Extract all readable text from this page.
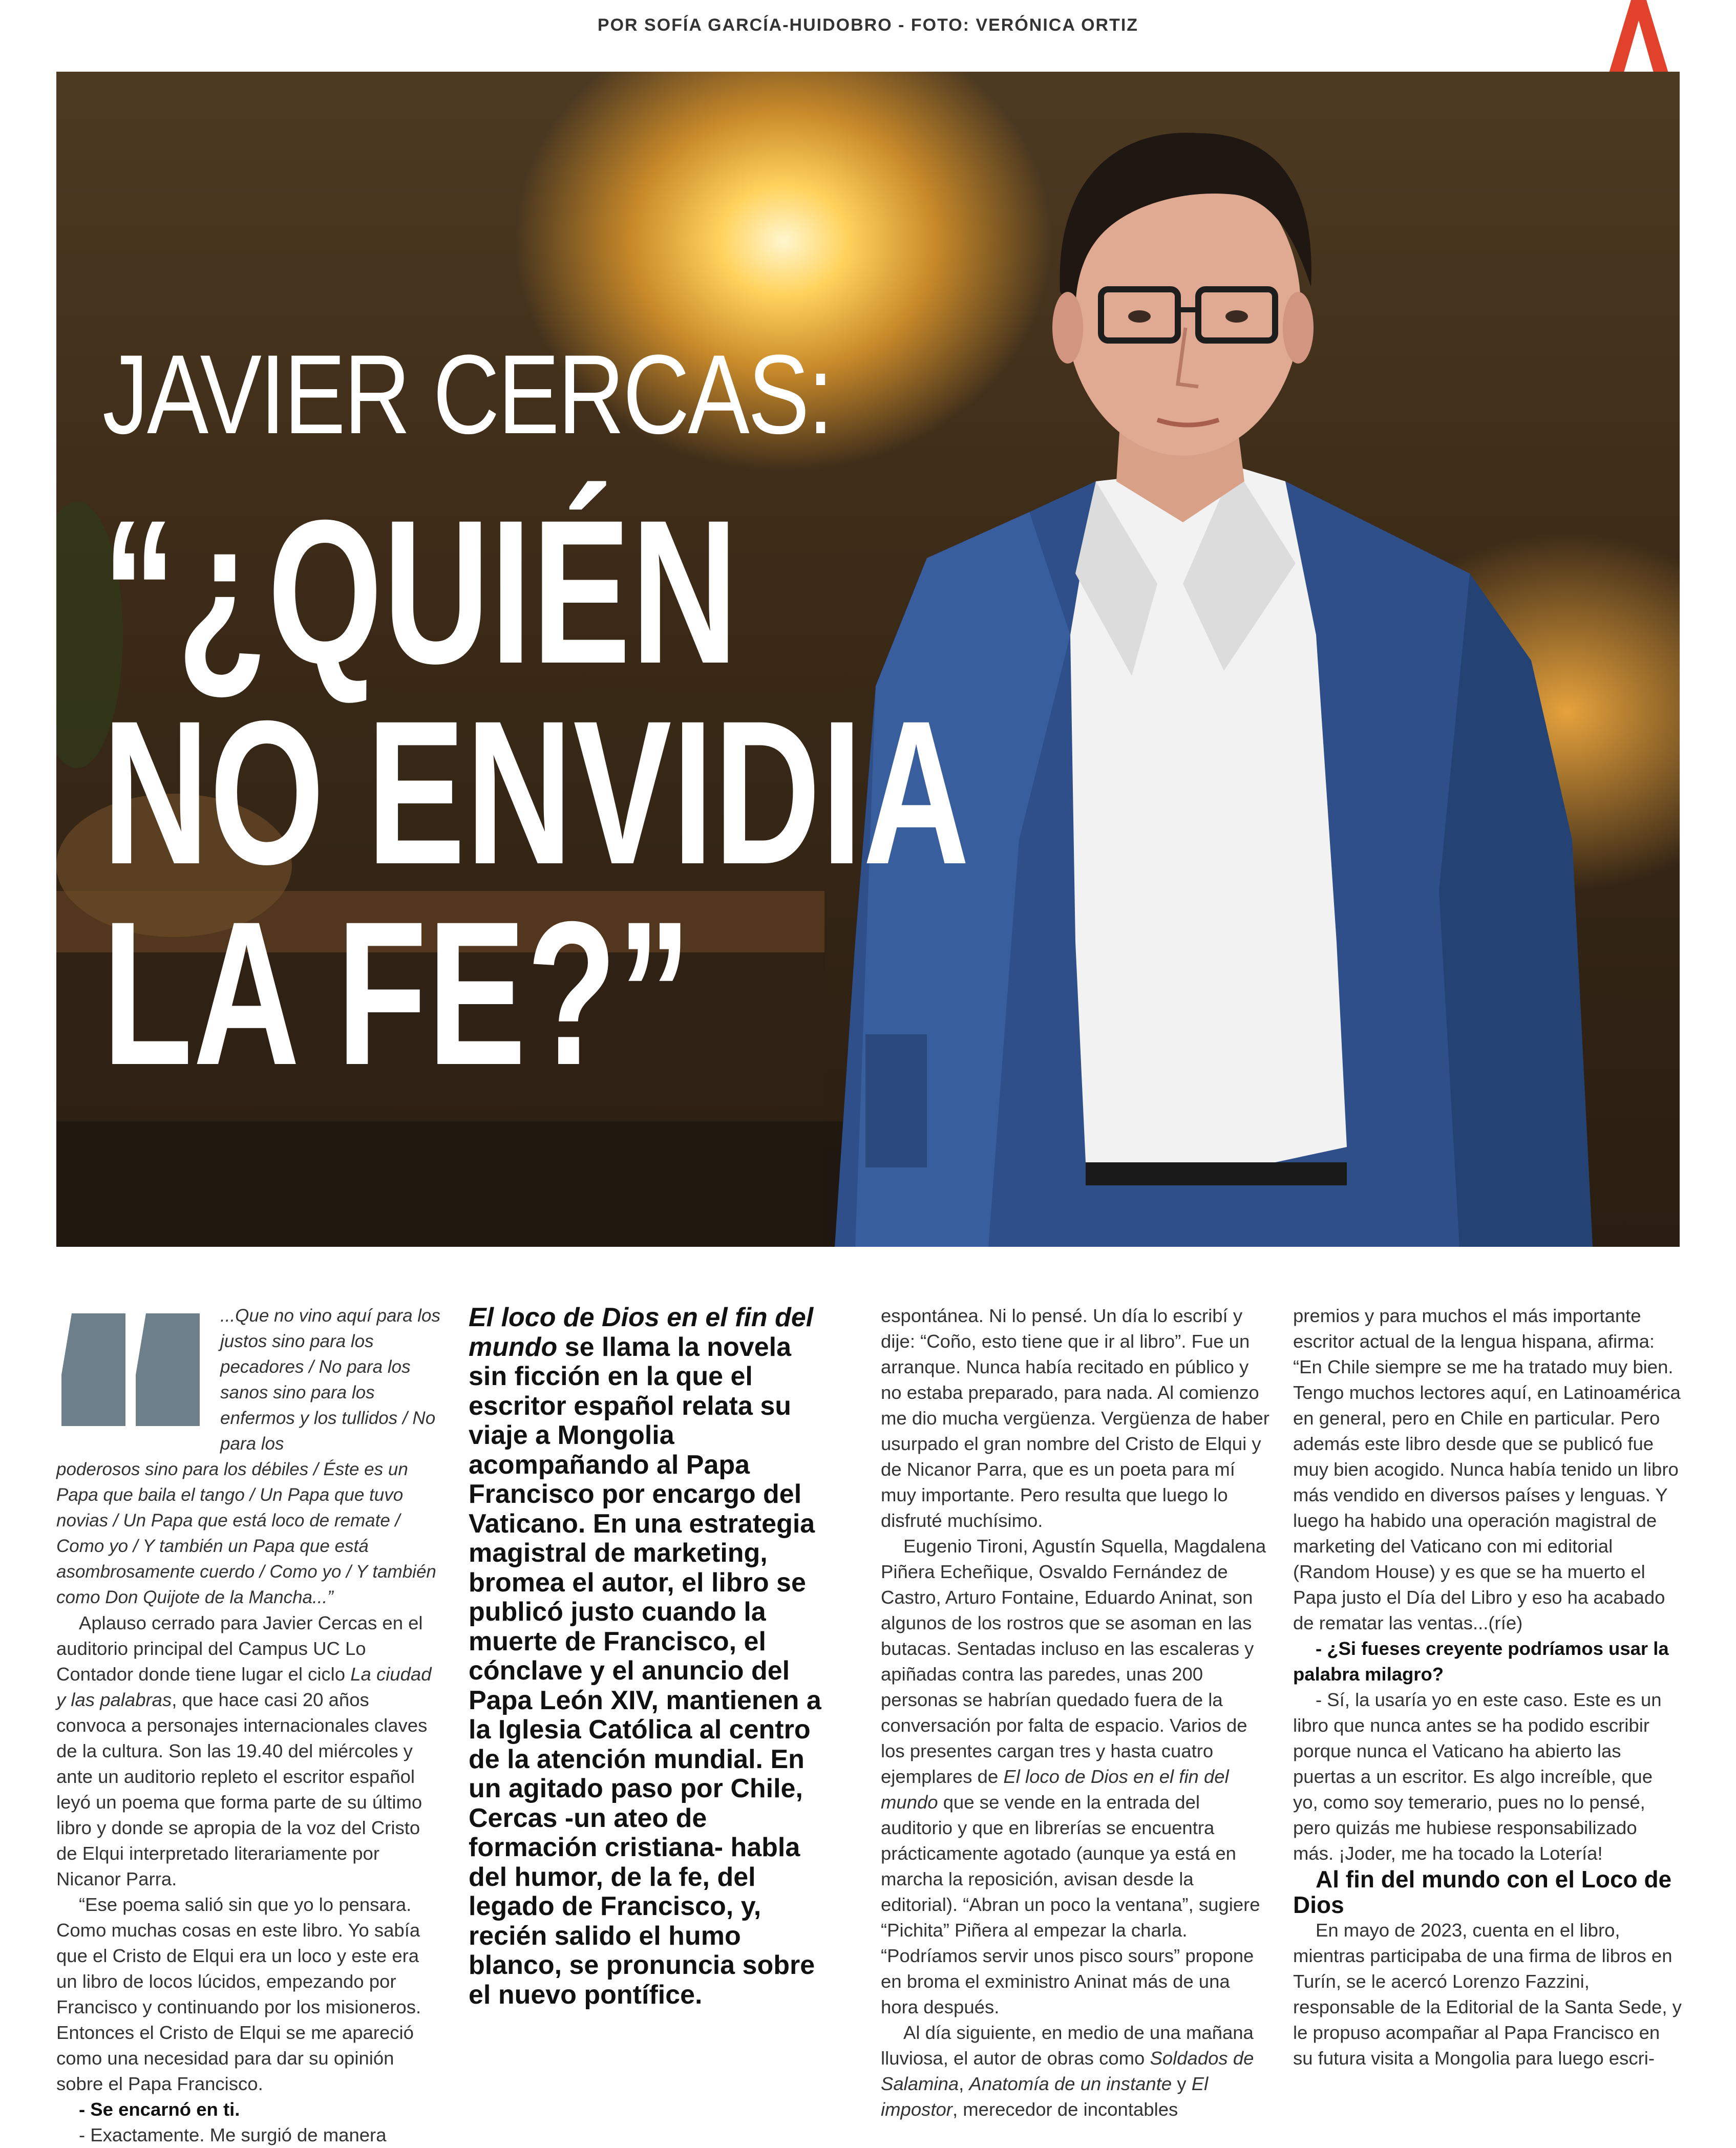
POR SOFÍA GARCÍA-HUIDOBRO - FOTO: VERÓNICA ORTIZ
JAVIER CERCAS:
“¿QUIÉN
NO ENVIDIA
LA FE?”

...Que no vino aquí para los justos sino para los pecadores / No para los sanos sino para los enfermos y los tullidos / No para los

poderosos sino para los débiles / Éste es un Papa que baila el tango / Un Papa que tuvo novias / Un Papa que está loco de remate / Como yo / Y también un Papa que está asombrosamente cuerdo / Como yo / Y también como Don Quijote de la Mancha...”

Aplauso cerrado para Javier Cercas en el auditorio principal del Campus UC Lo Contador donde tiene lugar el ciclo La ciudad y las palabras, que hace casi 20 años convoca a personajes internacionales claves de la cultura. Son las 19.40 del miércoles y ante un auditorio repleto el escritor español leyó un poema que forma parte de su último libro y donde se apropia de la voz del Cristo de Elqui interpretado literariamente por Nicanor Parra.

“Ese poema salió sin que yo lo pensara. Como muchas cosas en este libro. Yo sabía que el Cristo de Elqui era un loco y este era un libro de locos lúcidos, empezando por Francisco y continuando por los misioneros. Entonces el Cristo de Elqui se me apareció como una necesidad para dar su opinión sobre el Papa Francisco.

- Se encarnó en ti.

- Exactamente. Me surgió de manera

El loco de Dios en el fin del mundo se llama la novela sin ficción en la que el escritor español relata su viaje a Mongolia acompañando al Papa Francisco por encargo del Vaticano. En una estrategia magistral de marketing, bromea el autor, el libro se publicó justo cuando la muerte de Francisco, el cónclave y el anuncio del Papa León XIV, mantienen a la Iglesia Católica al centro de la atención mundial. En un agitado paso por Chile, Cercas -un ateo de formación cristiana- habla del humor, de la fe, del legado de Francisco, y, recién salido el humo blanco, se pronuncia sobre el nuevo pontífice.

espontánea. Ni lo pensé. Un día lo escribí y dije: “Coño, esto tiene que ir al libro”. Fue un arranque. Nunca había recitado en público y no estaba preparado, para nada. Al comienzo me dio mucha vergüenza. Vergüenza de haber usurpado el gran nombre del Cristo de Elqui y de Nicanor Parra, que es un poeta para mí muy importante. Pero resulta que luego lo disfruté muchísimo.

Eugenio Tironi, Agustín Squella, Magdalena Piñera Echeñique, Osvaldo Fernández de Castro, Arturo Fontaine, Eduardo Aninat, son algunos de los rostros que se asoman en las butacas. Sentadas incluso en las escaleras y apiñadas contra las paredes, unas 200 personas se habrían quedado fuera de la conversación por falta de espacio. Varios de los presentes cargan tres y hasta cuatro ejemplares de El loco de Dios en el fin del mundo que se vende en la entrada del auditorio y que en librerías se encuentra prácticamente agotado (aunque ya está en marcha la reposición, avisan desde la editorial). “Abran un poco la ventana”, sugiere “Pichita” Piñera al empezar la charla. “Podríamos servir unos pisco sours” propone en broma el exministro Aninat más de una hora después.

Al día siguiente, en medio de una mañana lluviosa, el autor de obras como Soldados de Salamina, Anatomía de un instante y El impostor, merecedor de incontables

premios y para muchos el más importante escritor actual de la lengua hispana, afirma: “En Chile siempre se me ha tratado muy bien. Tengo muchos lectores aquí, en Latinoamérica en general, pero en Chile en particular. Pero además este libro desde que se publicó fue muy bien acogido. Nunca había tenido un libro más vendido en diversos países y lenguas. Y luego ha habido una operación magistral de marketing del Vaticano con mi editorial (Random House) y es que se ha muerto el Papa justo el Día del Libro y eso ha acabado de rematar las ventas...(ríe)

- ¿Si fueses creyente podríamos usar la palabra milagro?

- Sí, la usaría yo en este caso. Este es un libro que nunca antes se ha podido escribir porque nunca el Vaticano ha abierto las puertas a un escritor. Es algo increíble, que yo, como soy temerario, pues no lo pensé, pero quizás me hubiese responsabilizado más. ¡Joder, me ha tocado la Lotería!

Al fin del mundo con el Loco de Dios

En mayo de 2023, cuenta en el libro, mientras participaba de una firma de libros en Turín, se le acercó Lorenzo Fazzini, responsable de la Editorial de la Santa Sede, y le propuso acompañar al Papa Francisco en su futura visita a Mongolia para luego escri-
